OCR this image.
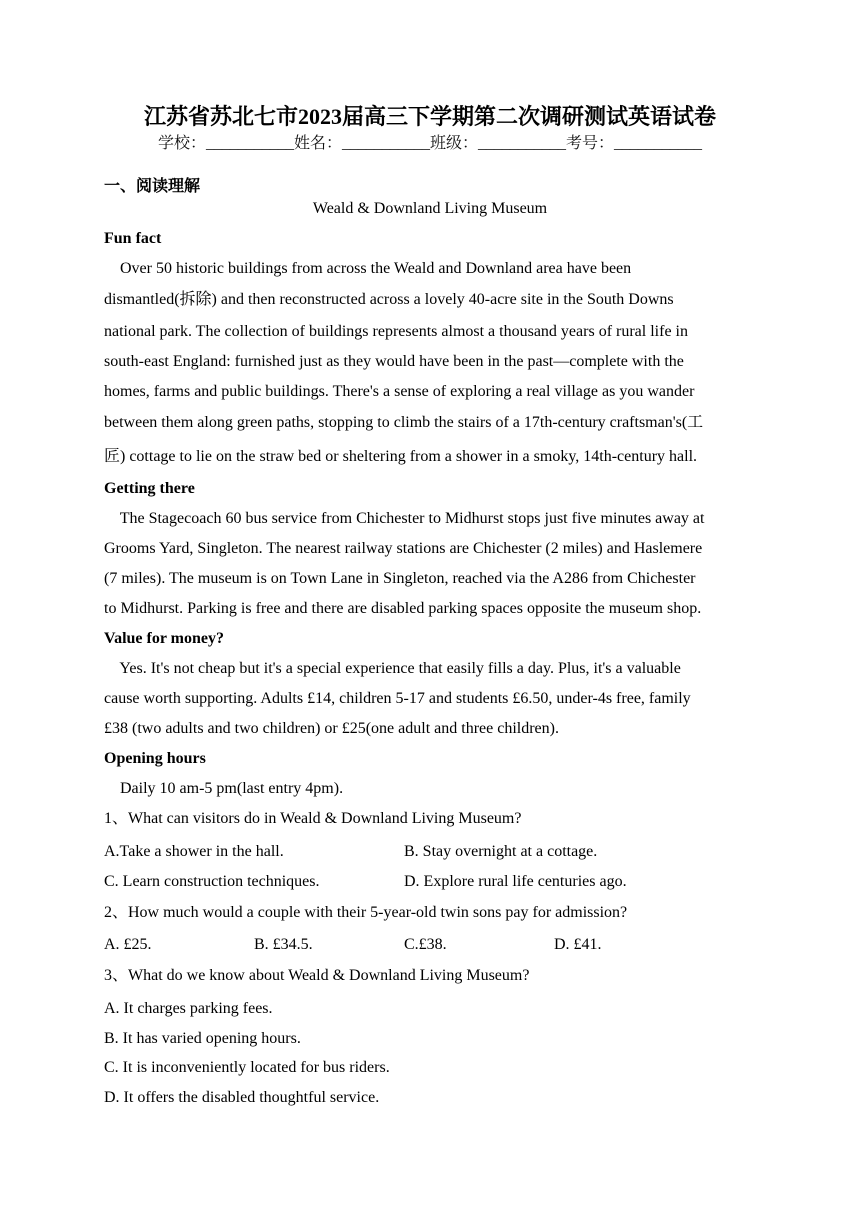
江苏省苏北七市2023届高三下学期第二次调研测试英语试卷
学校：___________姓名：___________班级：___________考号：___________
一、阅读理解
Weald & Downland Living Museum
Fun fact
Over 50 historic buildings from across the Weald and Downland area have been
dismantled(拆除) and then reconstructed across a lovely 40-acre site in the South Downs
national park. The collection of buildings represents almost a thousand years of rural life in
south-east England: furnished just as they would have been in the past—complete with the
homes, farms and public buildings. There's a sense of exploring a real village as you wander
between them along green paths, stopping to climb the stairs of a 17th-century craftsman's(工
匠) cottage to lie on the straw bed or sheltering from a shower in a smoky, 14th-century hall.
Getting there
The Stagecoach 60 bus service from Chichester to Midhurst stops just five minutes away at
Grooms Yard, Singleton. The nearest railway stations are Chichester (2 miles) and Haslemere
(7 miles). The museum is on Town Lane in Singleton, reached via the A286 from Chichester
to Midhurst. Parking is free and there are disabled parking spaces opposite the museum shop.
Value for money?
Yes. It's not cheap but it's a special experience that easily fills a day. Plus, it's a valuable
cause worth supporting. Adults £14, children 5-17 and students £6.50, under-4s free, family
£38 (two adults and two children) or £25(one adult and three children).
Opening hours
Daily 10 am-5 pm(last entry 4pm).
1、What can visitors do in Weald & Downland Living Museum?
A.Take a shower in the hall.	B. Stay overnight at a cottage.
C. Learn construction techniques.	D. Explore rural life centuries ago.
2、How much would a couple with their 5-year-old twin sons pay for admission?
A. £25.	B. £34.5.	C.£38.	D. £41.
3、What do we know about Weald & Downland Living Museum?
A. It charges parking fees.
B. It has varied opening hours.
C. It is inconveniently located for bus riders.
D. It offers the disabled thoughtful service.
